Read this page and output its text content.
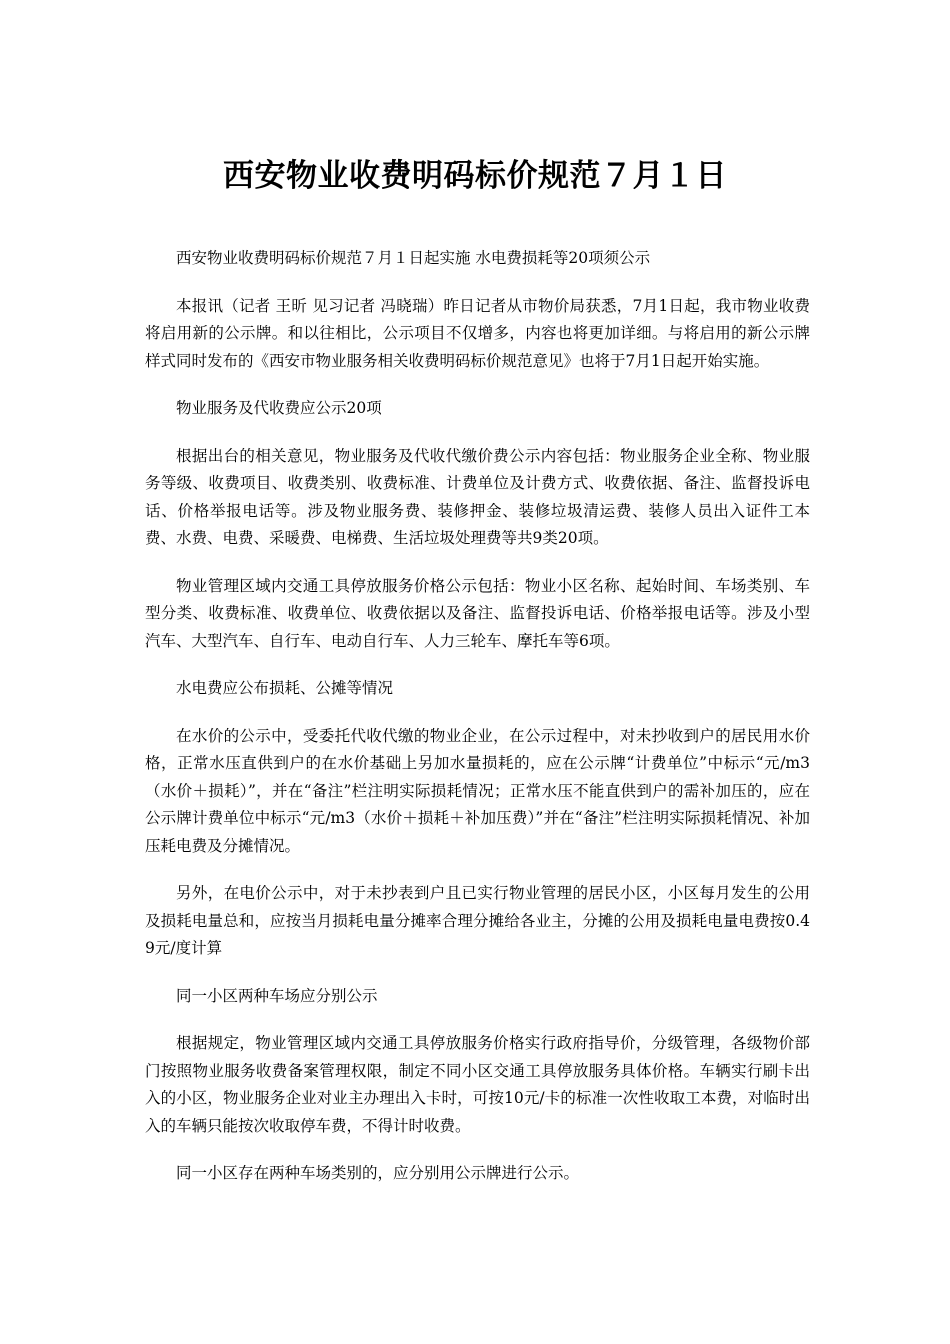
西安物业收费明码标价规范７月１日

西安物业收费明码标价规范７月１日起实施 水电费损耗等20项须公示

本报讯（记者 王昕 见习记者 冯晓瑞）昨日记者从市物价局获悉，7月1日起，我市物业收费将启用新的公示牌。和以往相比，公示项目不仅增多，内容也将更加详细。与将启用的新公示牌样式同时发布的《西安市物业服务相关收费明码标价规范意见》也将于7月1日起开始实施。

物业服务及代收费应公示20项

根据出台的相关意见，物业服务及代收代缴价费公示内容包括：物业服务企业全称、物业服务等级、收费项目、收费类别、收费标准、计费单位及计费方式、收费依据、备注、监督投诉电话、价格举报电话等。涉及物业服务费、装修押金、装修垃圾清运费、装修人员出入证件工本费、水费、电费、采暖费、电梯费、生活垃圾处理费等共9类20项。

物业管理区域内交通工具停放服务价格公示包括：物业小区名称、起始时间、车场类别、车型分类、收费标准、收费单位、收费依据以及备注、监督投诉电话、价格举报电话等。涉及小型汽车、大型汽车、自行车、电动自行车、人力三轮车、摩托车等6项。

水电费应公布损耗、公摊等情况

在水价的公示中，受委托代收代缴的物业企业，在公示过程中，对未抄收到户的居民用水价格，正常水压直供到户的在水价基础上另加水量损耗的，应在公示牌“计费单位”中标示“元/m3（水价＋损耗）”，并在“备注”栏注明实际损耗情况；正常水压不能直供到户的需补加压的，应在公示牌计费单位中标示“元/m3（水价＋损耗＋补加压费）”并在“备注”栏注明实际损耗情况、补加压耗电费及分摊情况。

另外，在电价公示中，对于未抄表到户且已实行物业管理的居民小区，小区每月发生的公用及损耗电量总和，应按当月损耗电量分摊率合理分摊给各业主，分摊的公用及损耗电量电费按0.49元/度计算

同一小区两种车场应分别公示

根据规定，物业管理区域内交通工具停放服务价格实行政府指导价，分级管理，各级物价部门按照物业服务收费备案管理权限，制定不同小区交通工具停放服务具体价格。车辆实行刷卡出入的小区，物业服务企业对业主办理出入卡时，可按10元/卡的标准一次性收取工本费，对临时出入的车辆只能按次收取停车费，不得计时收费。

同一小区存在两种车场类别的，应分别用公示牌进行公示。
